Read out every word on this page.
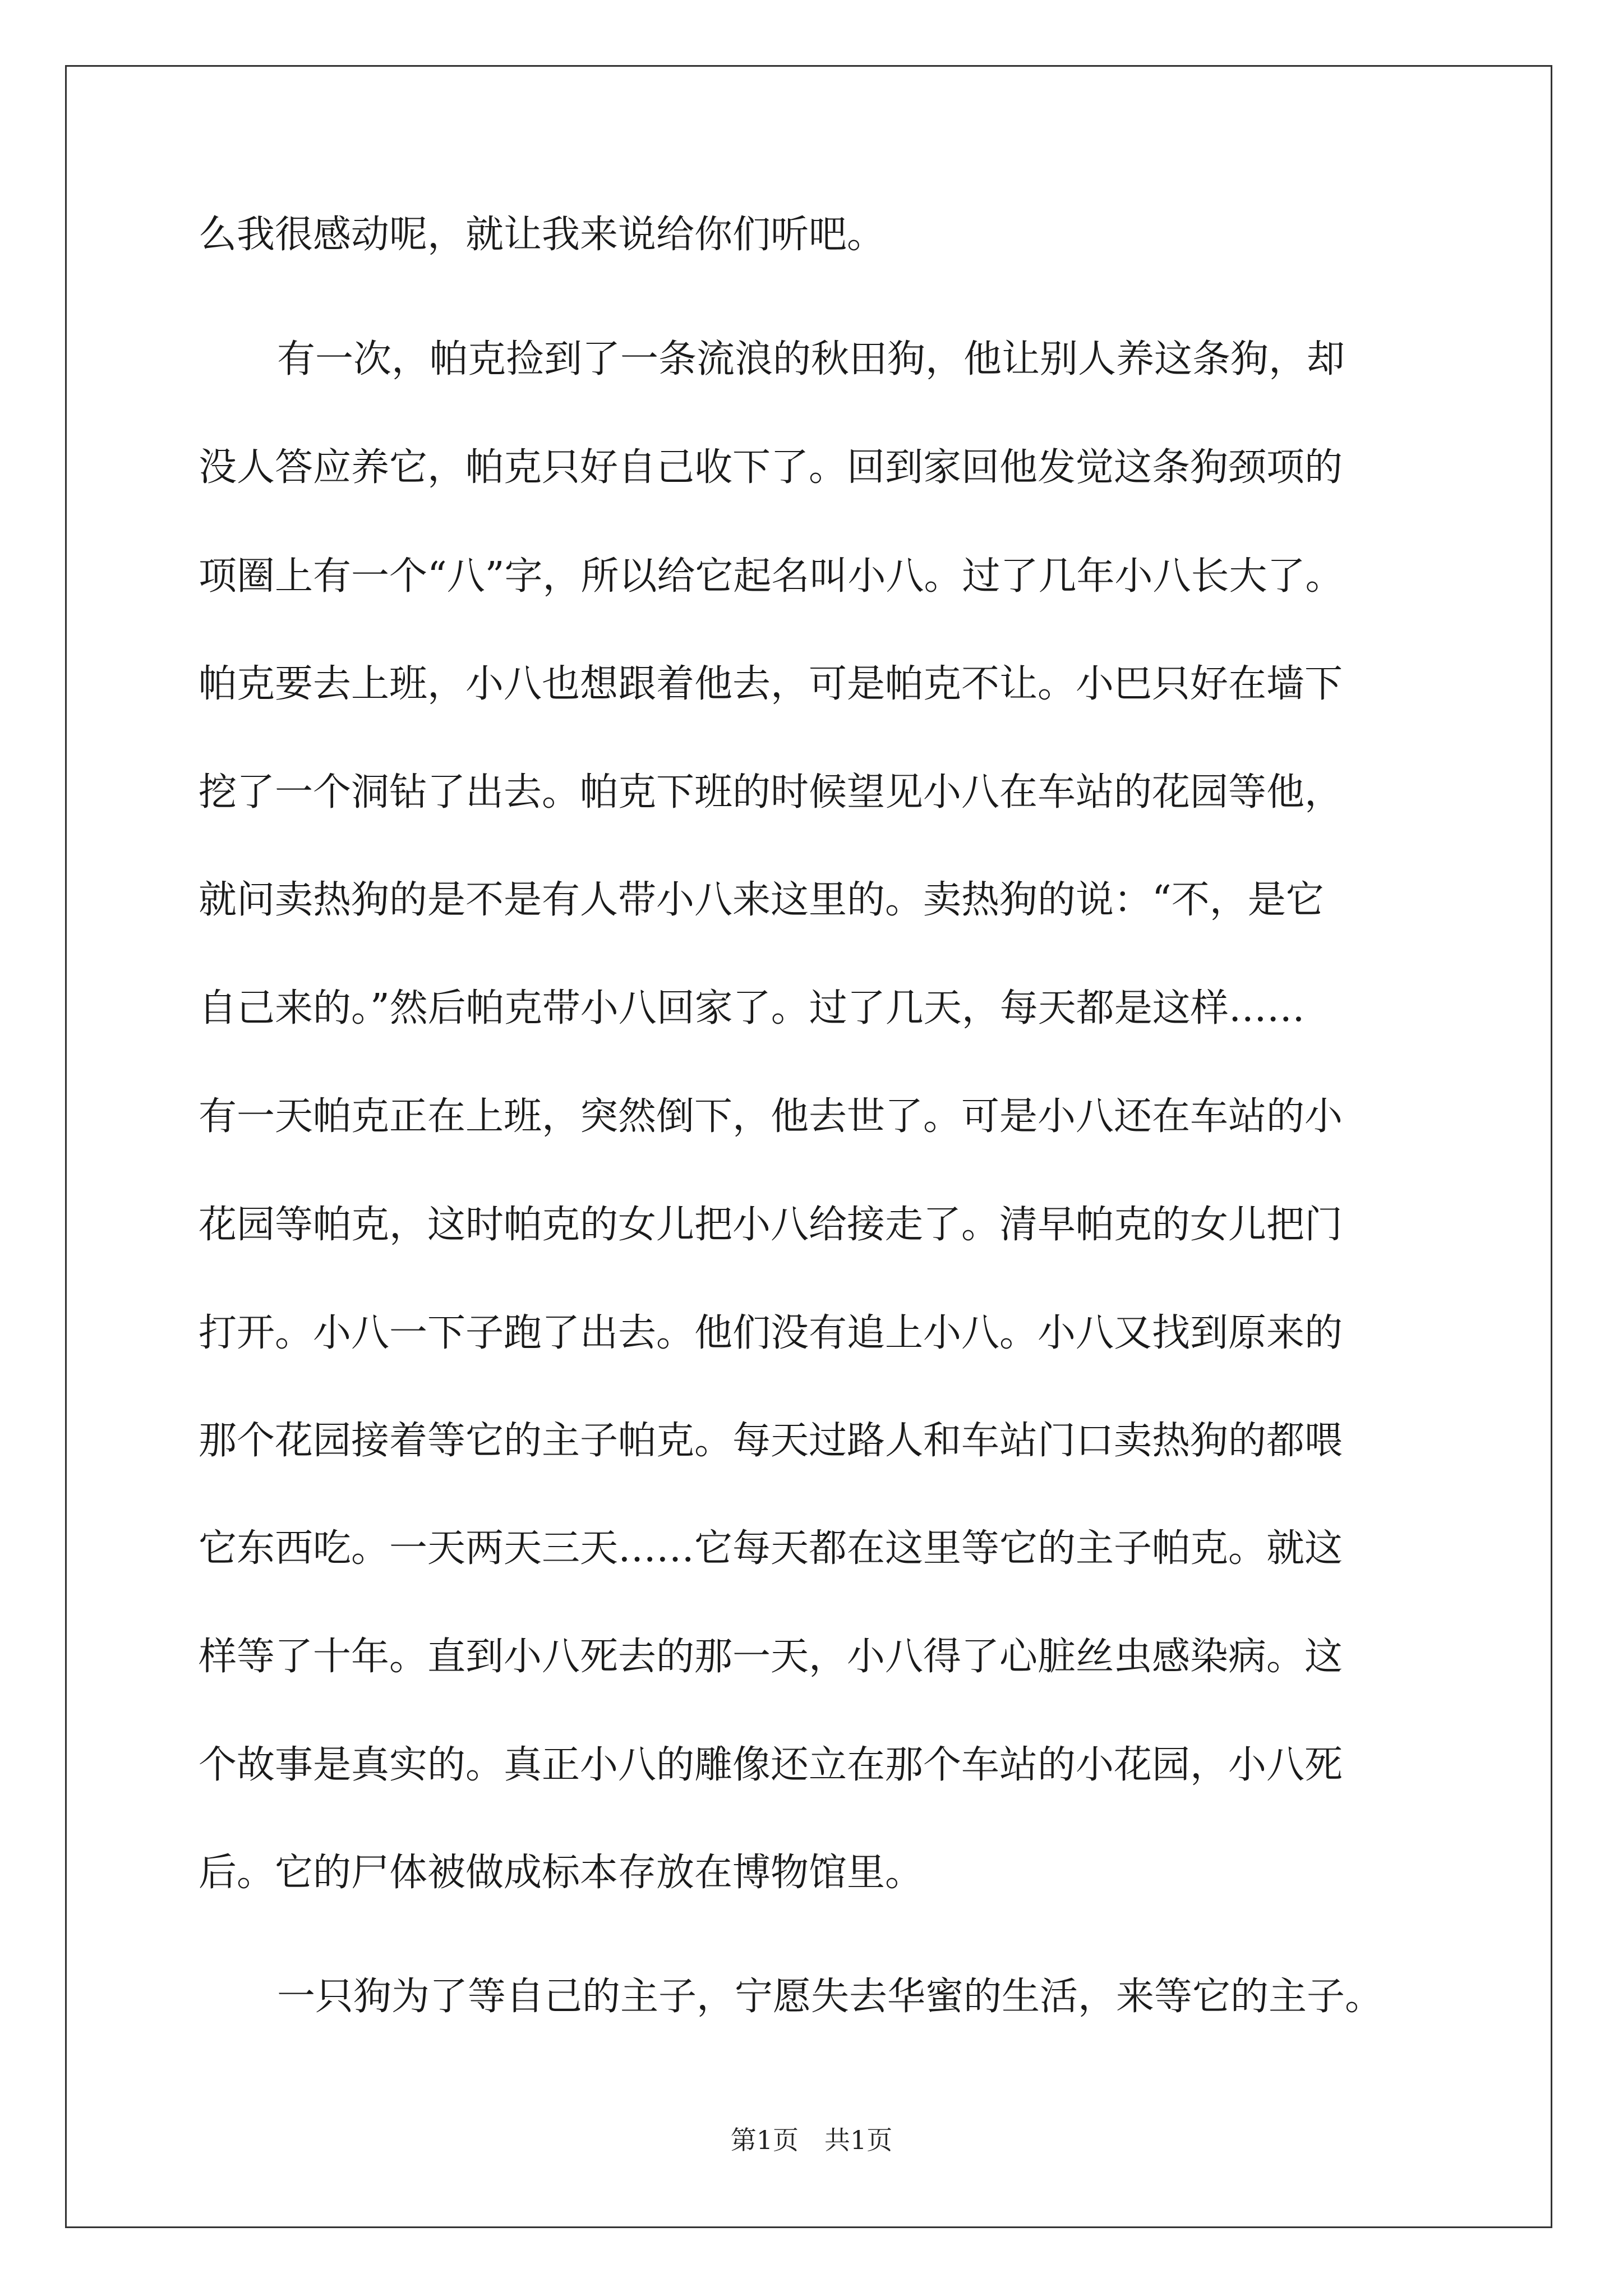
么我很感动呢，就让我来说给你们听吧。
有一次，帕克捡到了一条流浪的秋田狗，他让别人养这条狗，却
没人答应养它，帕克只好自己收下了。回到家回他发觉这条狗颈项的
项圈上有一个“八”字，所以给它起名叫小八。过了几年小八长大了。
帕克要去上班，小八也想跟着他去，可是帕克不让。小巴只好在墙下
挖了一个洞钻了出去。帕克下班的时候望见小八在车站的花园等他，
就问卖热狗的是不是有人带小八来这里的。卖热狗的说：“不，是它
自己来的。”然后帕克带小八回家了。过了几天，每天都是这样……
有一天帕克正在上班，突然倒下，他去世了。可是小八还在车站的小
花园等帕克，这时帕克的女儿把小八给接走了。清早帕克的女儿把门
打开。小八一下子跑了出去。他们没有追上小八。小八又找到原来的
那个花园接着等它的主子帕克。每天过路人和车站门口卖热狗的都喂
它东西吃。一天两天三天……它每天都在这里等它的主子帕克。就这
样等了十年。直到小八死去的那一天，小八得了心脏丝虫感染病。这
个故事是真实的。真正小八的雕像还立在那个车站的小花园，小八死
后。它的尸体被做成标本存放在博物馆里。
一只狗为了等自己的主子，宁愿失去华蜜的生活，来等它的主子。
第1页　共1页
